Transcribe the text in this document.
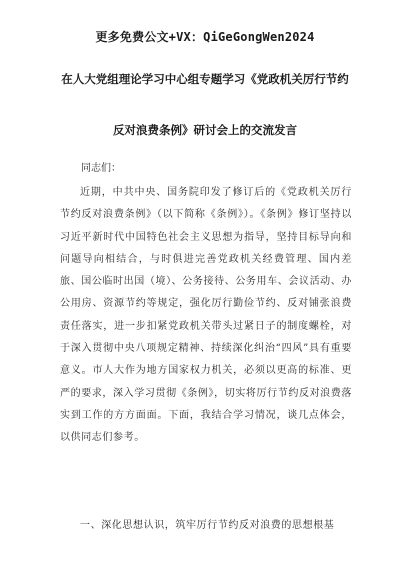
更多免费公文+VX：QiGeGongWen2024
在人大党组理论学习中心组专题学习《党政机关厉行节约
反对浪费条例》研讨会上的交流发言
同志们：

近期，中共中央、国务院印发了修订后的《党政机关厉行节约反对浪费条例》（以下简称《条例》）。《条例》修订坚持以习近平新时代中国特色社会主义思想为指导，坚持目标导向和问题导向相结合，与时俱进完善党政机关经费管理、国内差旅、国公临时出国（境）、公务接待、公务用车、会议活动、办公用房、资源节约等规定，强化厉行勤俭节约、反对铺张浪费责任落实，进一步扣紧党政机关带头过紧日子的制度螺栓，对于深入贯彻中央八项规定精神、持续深化纠治“四风”具有重要意义。市人大作为地方国家权力机关，必须以更高的标准、更严的要求，深入学习贯彻《条例》，切实将厉行节约反对浪费落实到工作的方方面面。下面，我结合学习情况，谈几点体会，以供同志们参考。

一、深化思想认识，筑牢厉行节约反对浪费的思想根基
